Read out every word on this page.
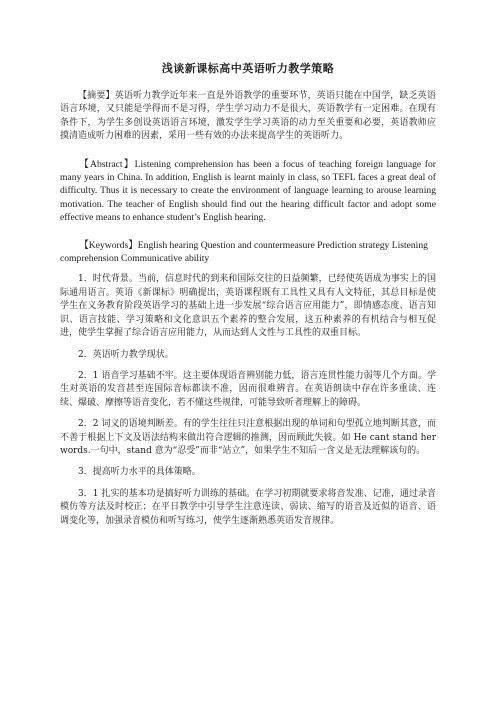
浅谈新课标高中英语听力教学策略

【摘要】英语听力教学近年来一直是外语教学的重要环节，英语只能在中国学，缺乏英语语言环境，又只能是学得而不是习得，学生学习动力不是很大，英语教学有一定困难。在现有条件下，为学生多创设英语语言环境，激发学生学习英语的动力至关重要和必要，英语教师应摸清造成听力困难的因素，采用一些有效的办法来提高学生的英语听力。

【Abstract】Listening comprehension has been a focus of teaching foreign language for many years in China. In addition, English is learnt mainly in class, so TEFL faces a great deal of difficulty. Thus it is necessary to create the environment of language learning to arouse learning motivation. The teacher of English should find out the hearing difficult factor and adopt some effective means to enhance student’s English hearing.

【Keywords】English hearing Question and countermeasure Prediction strategy Listening comprehension Communicative ability

1．时代背景。当前，信息时代的到来和国际交往的日益频繁，已经使英语成为事实上的国际通用语言。英语《新课标》明确提出，英语课程既有工具性又具有人文特征，其总目标是使学生在义务教育阶段英语学习的基础上进一步发展“综合语言应用能力”，即情感态度、语言知识、语言技能、学习策略和文化意识五个素养的整合发展，这五种素养的有机结合与相互促进，使学生掌握了综合语言应用能力，从而达到人文性与工具性的双重目标。

2．英语听力教学现状。

2．1 语音学习基础不牢。这主要体现语音辨别能力低，语言连贯性能力弱等几个方面。学生对英语的发音甚至连国际音标都读不准，因而很难辨音。在英语朗读中存在许多重读、连续、爆破、摩擦等语音变化，若不懂这些规律，可能导致听者理解上的障碍。

2．2 词义的语境判断差。有的学生往往只注意根据出现的单词和句型孤立地判断其意，而不善于根据上下文及语法结构来做出符合逻辑的推测，因而顾此失彼。如 He cant stand her words.一句中，stand 意为“忍受”而非“站立”，如果学生不知后一含义是无法理解该句的。

3．提高听力水平的具体策略。

3．1 扎实的基本功是搞好听力训练的基础。在学习初期就要求将音发准、记准，通过录音模仿等方法及时校正；在平日教学中引导学生注意连读、弱读、缩写的语音及近似的语音、语调变化等，加强录音模仿和听写练习，使学生逐渐熟悉英语发音规律。
